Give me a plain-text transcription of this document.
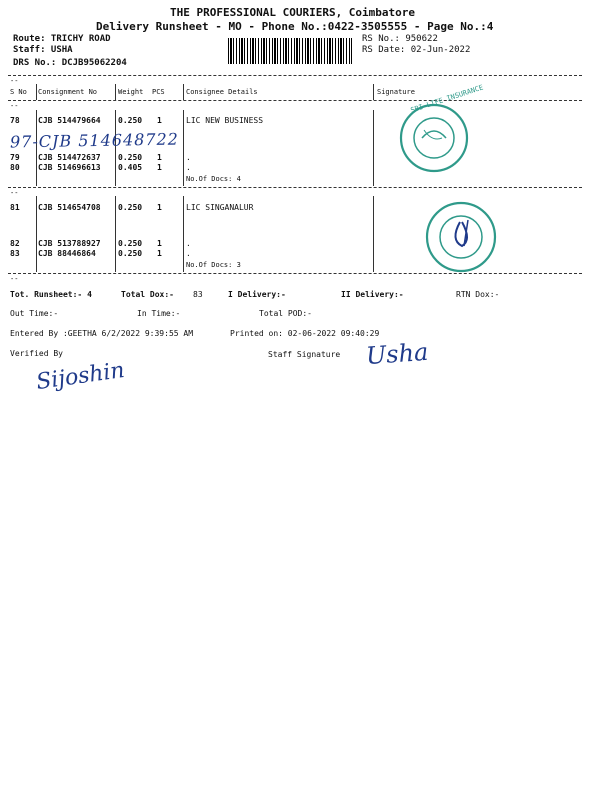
THE PROFESSIONAL COURIERS, Coimbatore
Delivery Runsheet - MO - Phone No.:0422-3505555 - Page No.:4
Route: TRICHY ROAD
Staff: USHA
DRS No.: DCJB95062204
RS No.: 950622
RS Date: 02-Jun-2022
--
S No Consignment No	Weight PCS	Consignee Details	Signature
--
78 CJB 514479664 0.250 1	LIC NEW BUSINESS
97-CJB 514648722
79 CJB 514472637 0.250 1	.
80 CJB 514696613 0.405 1	.
No.Of Docs: 4
SBI LIFE INSURANCE
--
81 CJB 514654708 0.250 1	LIC SINGANALUR
82 CJB 513788927 0.250 1	.
83 CJB 88446864	0.250 1	.
No.Of Docs: 3
--
Tot. Runsheet:- 4	Total Dox:- 83	I Delivery:-	II Delivery:-	RTN Dox:-
Out Time:-	In Time:-	Total POD:-
Entered By :GEETHA 6/2/2022 9:39:55 AM	Printed on: 02-06-2022 09:40:29
Verified By	Staff Signature
Sijoshin
Usha
